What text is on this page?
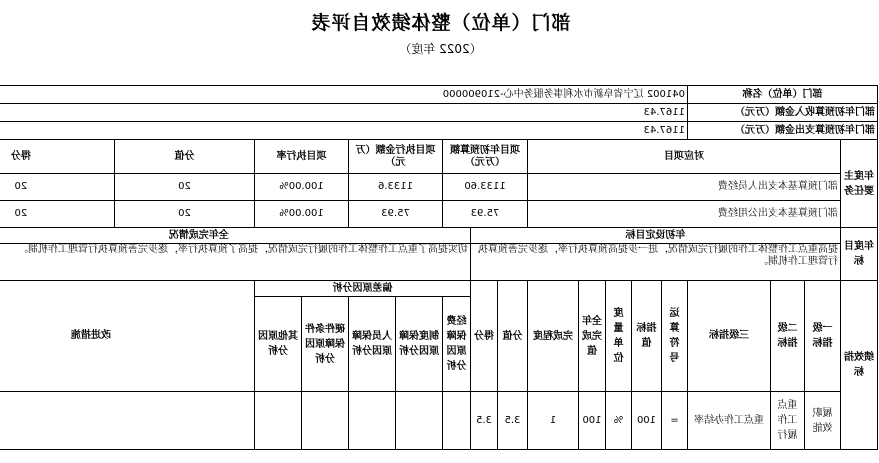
部门（单位）整体绩效自评表
（2022 年度）
部门（单位）名称				041002 辽宁省阜新市水利事务服务中心-210900000													
部门年初预算收入金额（万元）				1167.43													
部门年初预算支出金额（万元）				1167.43													
年度主要任务	对应项目								项目年初预算额（万元）			项目执行金额（万元）		项目执行率		分值	得分
	部门预算基本支出人员经费								1133.60			1133.6		100.00%		20	20
	部门预算基本支出公用经费								75.93			75.93		100.00%		20	20
年度目标	年初设定目标										全年完成情况						
	提高重点工作整体工作的履行完成情况，进一步提高预算执行率，逐步完善预算执行管理工作机制。										切实提高了重点工作整体工作的履行完成情况，提高了预算执行率，逐步完善预算执行管理工作机制。						
绩效指标	一级指标	二级指标	三级指标	运算符号	指标值	度量单位	全年完成值	完成程度	分值	得分	偏差原因分析					改进措施	
											经费保障原因分析	制度保障原因分析	人员保障原因分析	硬件条件保障原因分析	其他原因分析		
	履职效能	重点工作履行	重点工作办结率	=	100	%	100	1	3.5	3.5							
